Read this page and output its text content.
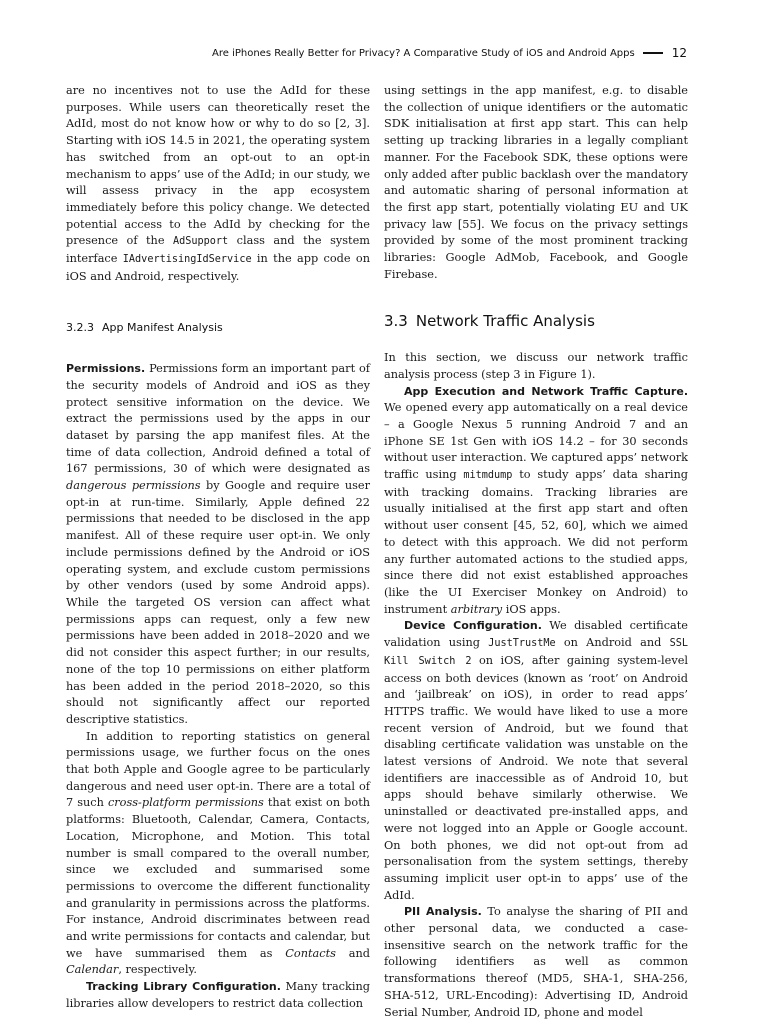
Are iPhones Really Better for Privacy? A Comparative Study of iOS and Android Apps	12

are no incentives not to use the AdId for these purposes. While users can theoretically reset the AdId, most do not know how or why to do so [2, 3]. Starting with iOS 14.5 in 2021, the operating system has switched from an opt-out to an opt-in mechanism to apps’ use of the AdId; in our study, we will assess privacy in the app ecosystem immediately before this policy change. We detected potential access to the AdId by checking for the presence of the AdSupport class and the system interface IAdvertisingIdService in the app code on iOS and Android, respectively.

3.2.3 App Manifest Analysis

Permissions. Permissions form an important part of the security models of Android and iOS as they protect sensitive information on the device. We extract the permissions used by the apps in our dataset by parsing the app manifest files. At the time of data collection, Android defined a total of 167 permissions, 30 of which were designated as dangerous permissions by Google and require user opt-in at run-time. Similarly, Apple defined 22 permissions that needed to be disclosed in the app manifest. All of these require user opt-in. We only include permissions defined by the Android or iOS operating system, and exclude custom permissions by other vendors (used by some Android apps). While the targeted OS version can affect what permissions apps can request, only a few new permissions have been added in 2018–2020 and we did not consider this aspect further; in our results, none of the top 10 permissions on either platform has been added in the period 2018–2020, so this should not significantly affect our reported descriptive statistics.

In addition to reporting statistics on general permissions usage, we further focus on the ones that both Apple and Google agree to be particularly dangerous and need user opt-in. There are a total of 7 such cross-platform permissions that exist on both platforms: Bluetooth, Calendar, Camera, Contacts, Location, Microphone, and Motion. This total number is small compared to the overall number, since we excluded and summarised some permissions to overcome the different functionality and granularity in permissions across the platforms. For instance, Android discriminates between read and write permissions for contacts and calendar, but we have summarised them as Contacts and Calendar, respectively.

Tracking Library Configuration. Many tracking libraries allow developers to restrict data collection

using settings in the app manifest, e.g. to disable the collection of unique identifiers or the automatic SDK initialisation at first app start. This can help setting up tracking libraries in a legally compliant manner. For the Facebook SDK, these options were only added after public backlash over the mandatory and automatic sharing of personal information at the first app start, potentially violating EU and UK privacy law [55]. We focus on the privacy settings provided by some of the most prominent tracking libraries: Google AdMob, Facebook, and Google Firebase.

3.3 Network Traffic Analysis

In this section, we discuss our network traffic analysis process (step 3 in Figure 1).

App Execution and Network Traffic Capture. We opened every app automatically on a real device – a Google Nexus 5 running Android 7 and an iPhone SE 1st Gen with iOS 14.2 – for 30 seconds without user interaction. We captured apps’ network traffic using mitmdump to study apps’ data sharing with tracking domains. Tracking libraries are usually initialised at the first app start and often without user consent [45, 52, 60], which we aimed to detect with this approach. We did not perform any further automated actions to the studied apps, since there did not exist established approaches (like the UI Exerciser Monkey on Android) to instrument arbitrary iOS apps.

Device Configuration. We disabled certificate validation using JustTrustMe on Android and SSL Kill Switch 2 on iOS, after gaining system-level access on both devices (known as ‘root’ on Android and ‘jailbreak’ on iOS), in order to read apps’ HTTPS traffic. We would have liked to use a more recent version of Android, but we found that disabling certificate validation was unstable on the latest versions of Android. We note that several identifiers are inaccessible as of Android 10, but apps should behave similarly otherwise. We uninstalled or deactivated pre-installed apps, and were not logged into an Apple or Google account. On both phones, we did not opt-out from ad personalisation from the system settings, thereby assuming implicit user opt-in to apps’ use of the AdId.

PII Analysis. To analyse the sharing of PII and other personal data, we conducted a case-insensitive search on the network traffic for the following identifiers as well as common transformations thereof (MD5, SHA-1, SHA-256, SHA-512, URL-Encoding): Advertising ID, Android Serial Number, Android ID, phone and model
